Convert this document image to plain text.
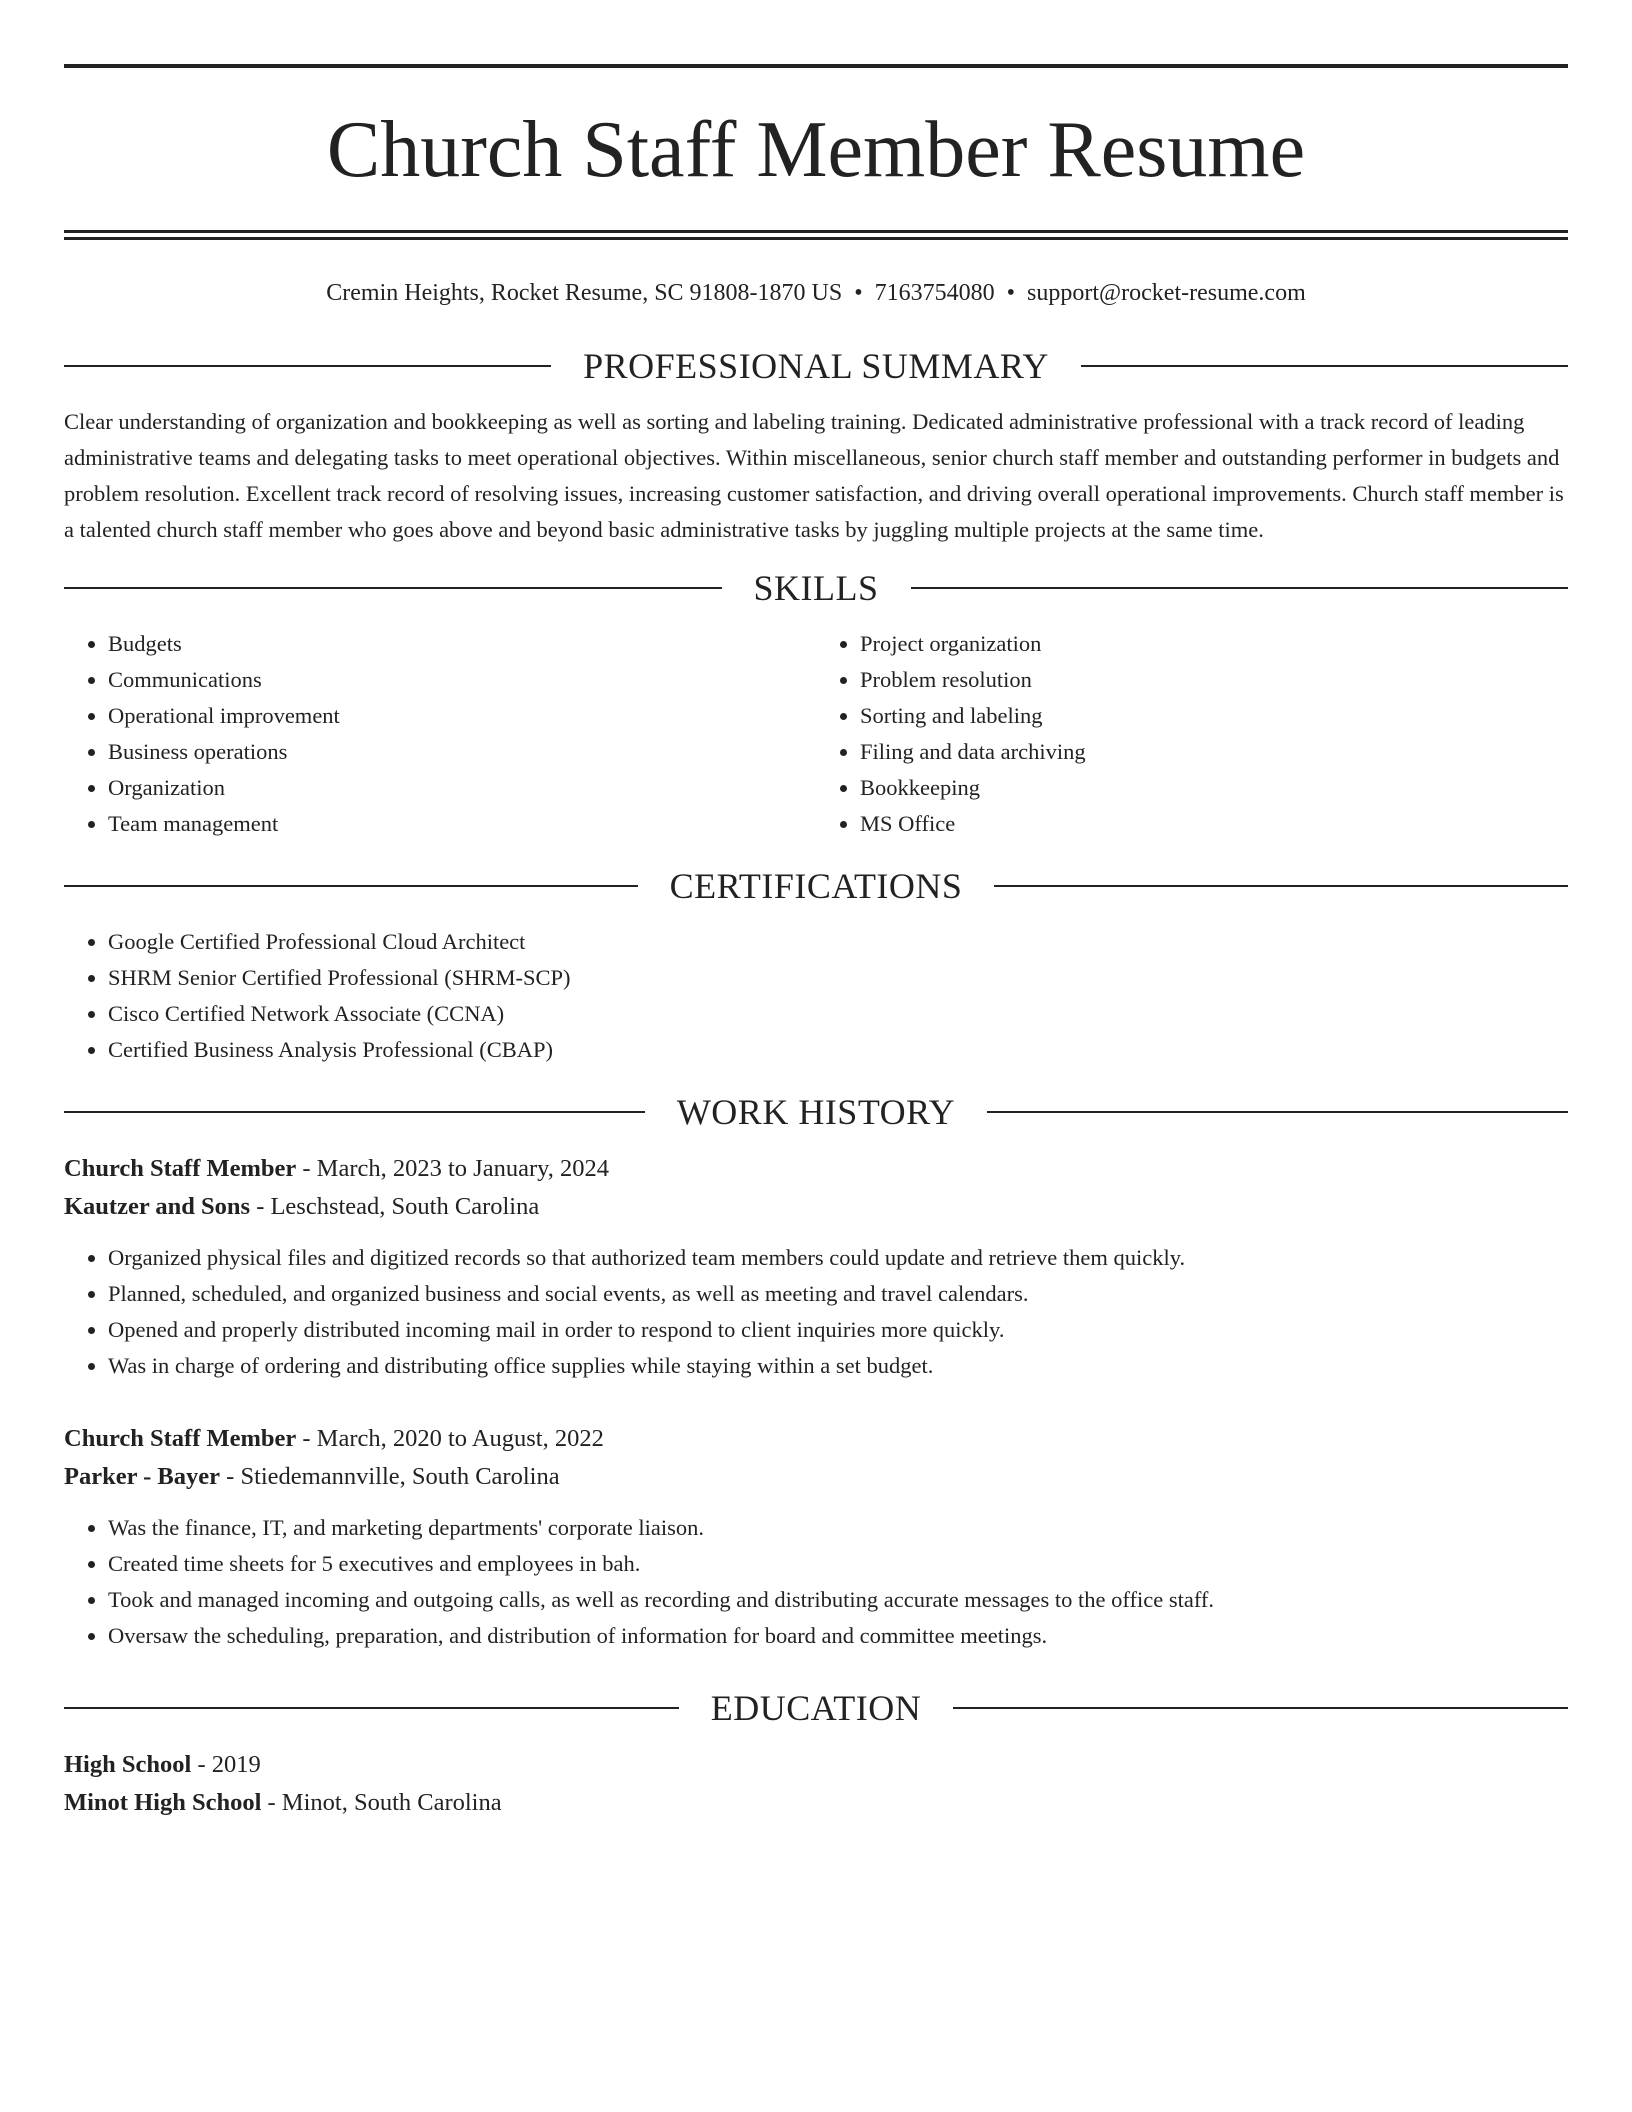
Church Staff Member Resume
Cremin Heights, Rocket Resume, SC 91808-1870 US • 7163754080 • support@rocket-resume.com
PROFESSIONAL SUMMARY

Clear understanding of organization and bookkeeping as well as sorting and labeling training. Dedicated administrative professional with a track record of leading administrative teams and delegating tasks to meet operational objectives. Within miscellaneous, senior church staff member and outstanding performer in budgets and problem resolution. Excellent track record of resolving issues, increasing customer satisfaction, and driving overall operational improvements. Church staff member is a talented church staff member who goes above and beyond basic administrative tasks by juggling multiple projects at the same time.

SKILLS
• Budgets
• Communications
• Operational improvement
• Business operations
• Organization
• Team management
• Project organization
• Problem resolution
• Sorting and labeling
• Filing and data archiving
• Bookkeeping
• MS Office
CERTIFICATIONS
• Google Certified Professional Cloud Architect
• SHRM Senior Certified Professional (SHRM-SCP)
• Cisco Certified Network Associate (CCNA)
• Certified Business Analysis Professional (CBAP)
WORK HISTORY
Church Staff Member - March, 2023 to January, 2024
Kautzer and Sons - Leschstead, South Carolina
• Organized physical files and digitized records so that authorized team members could update and retrieve them quickly.
• Planned, scheduled, and organized business and social events, as well as meeting and travel calendars.
• Opened and properly distributed incoming mail in order to respond to client inquiries more quickly.
• Was in charge of ordering and distributing office supplies while staying within a set budget.
Church Staff Member - March, 2020 to August, 2022
Parker - Bayer - Stiedemannville, South Carolina
• Was the finance, IT, and marketing departments' corporate liaison.
• Created time sheets for 5 executives and employees in bah.
• Took and managed incoming and outgoing calls, as well as recording and distributing accurate messages to the office staff.
• Oversaw the scheduling, preparation, and distribution of information for board and committee meetings.
EDUCATION
High School - 2019
Minot High School - Minot, South Carolina
